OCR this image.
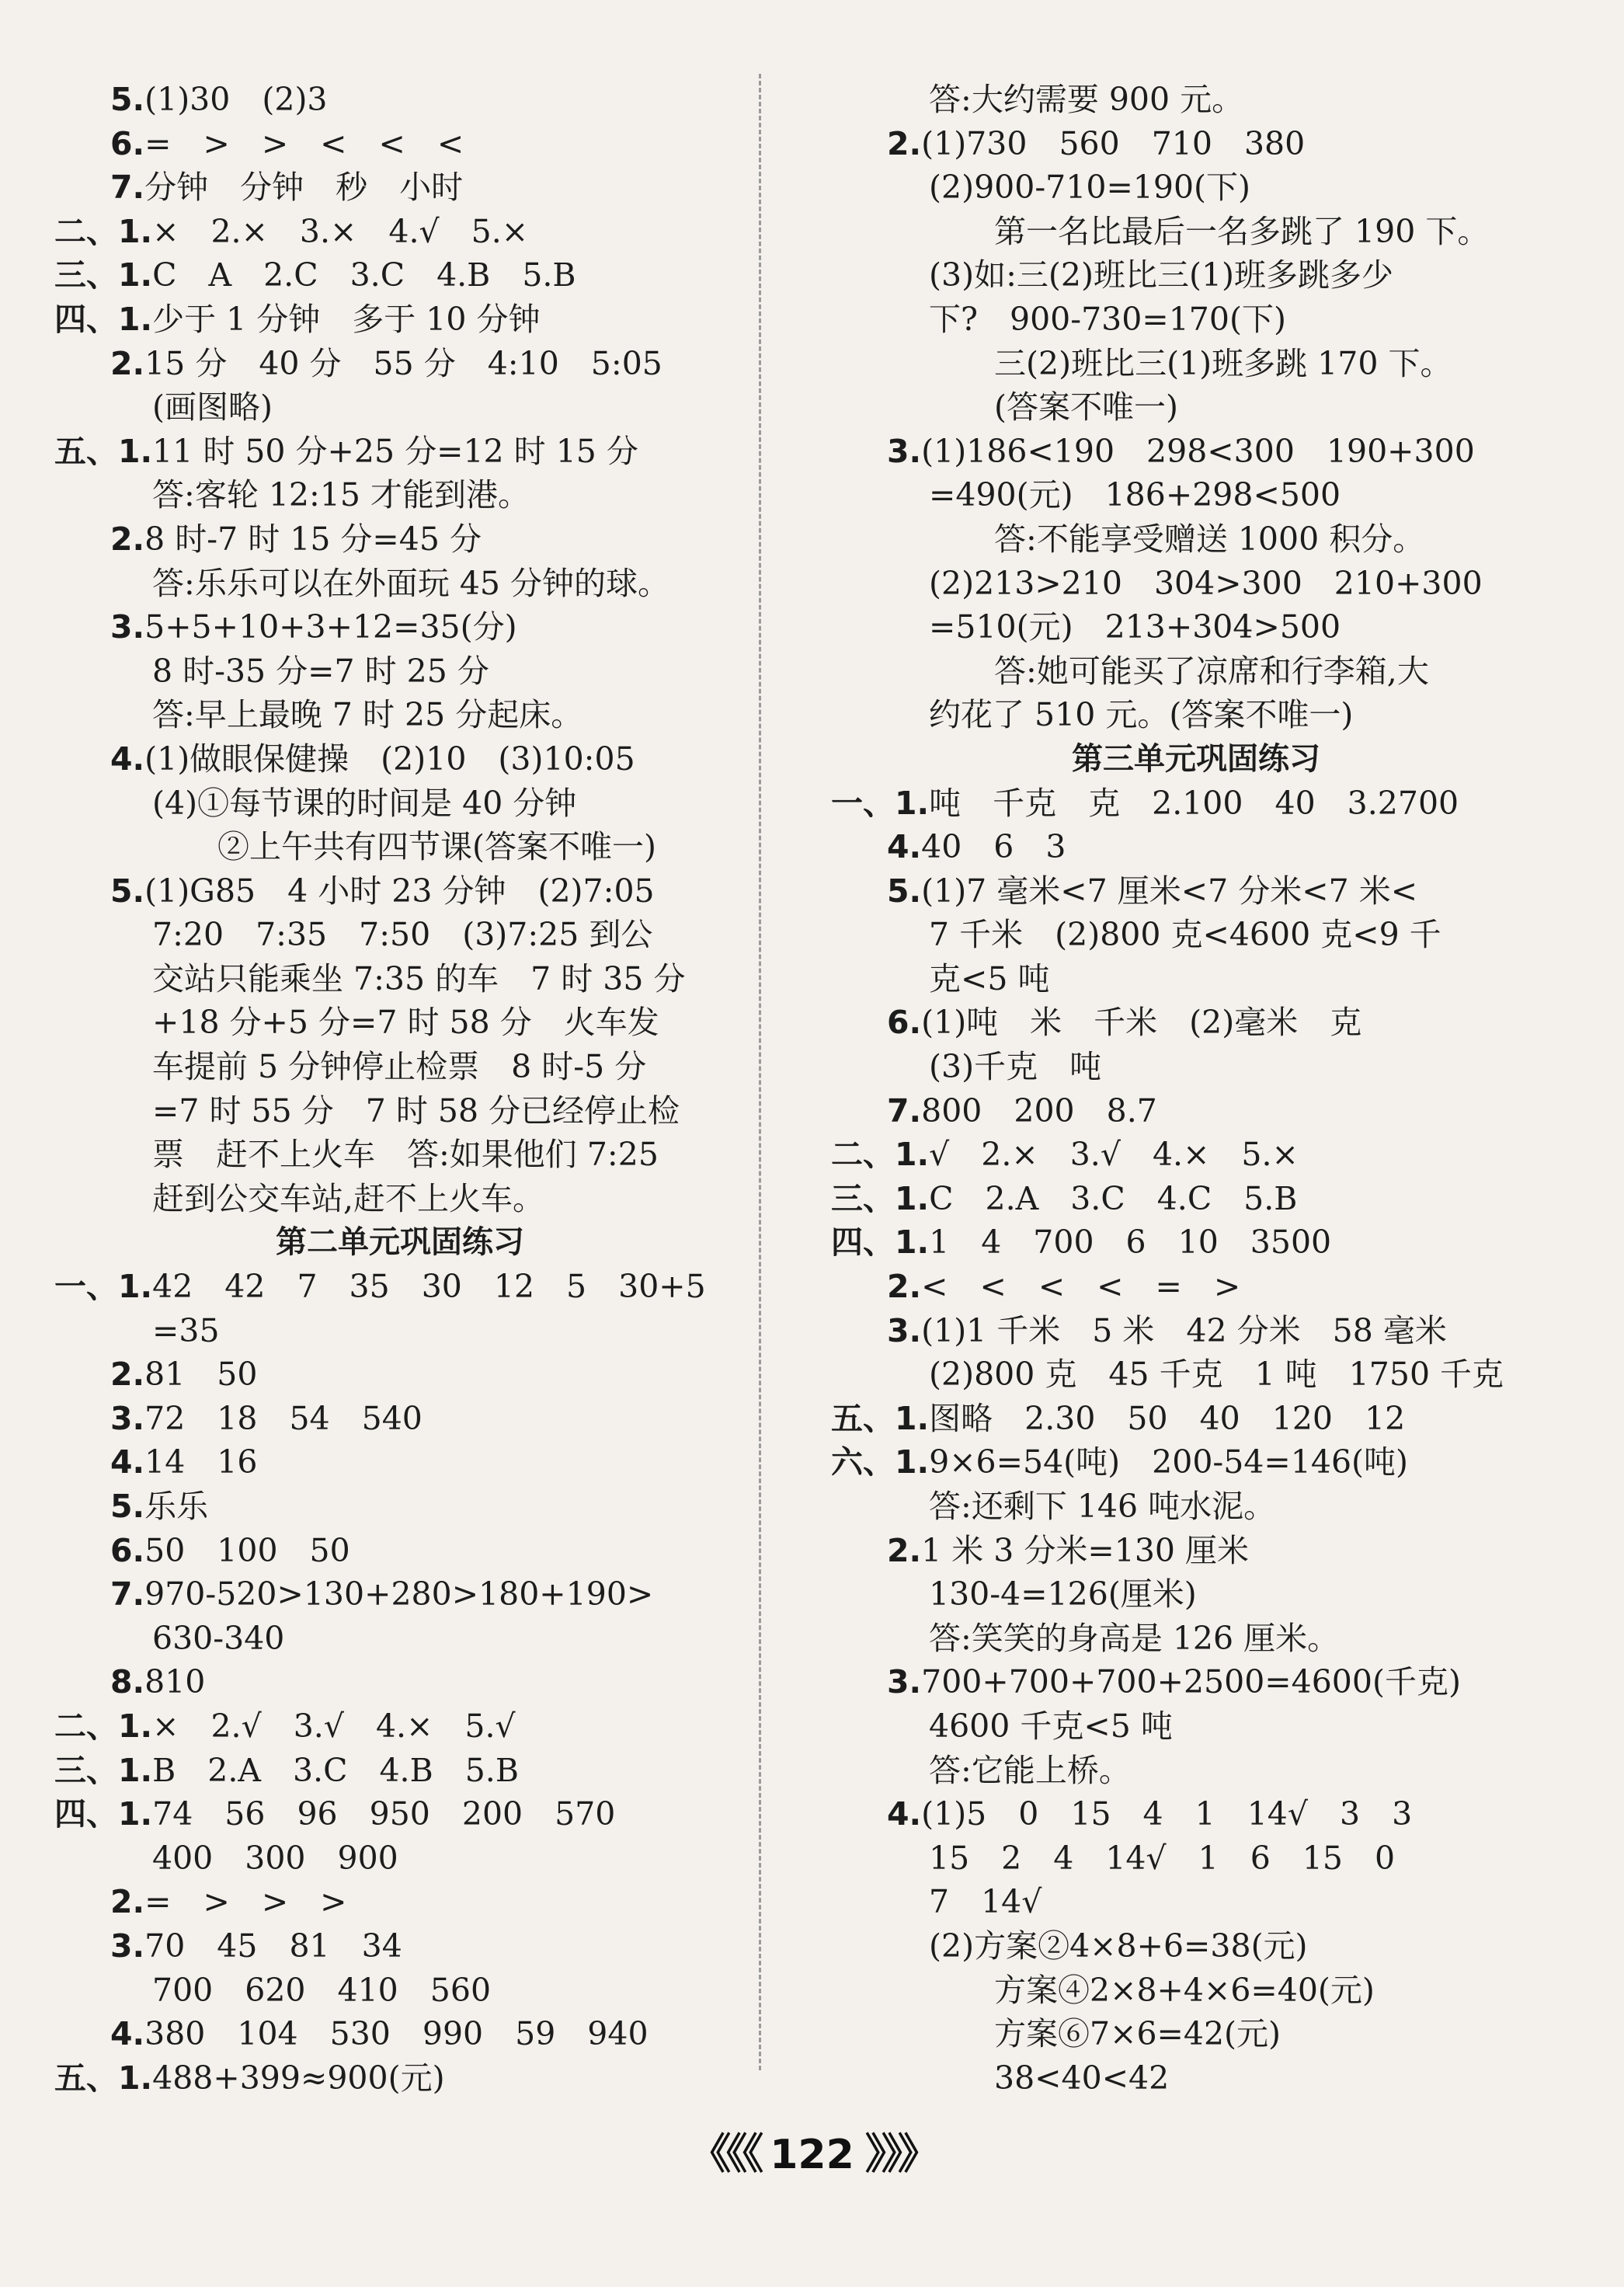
5.(1)30　(2)3
6.=　>　>　<　<　<
7.分钟　分钟　秒　小时
二、1.×　2.×　3.×　4.√　5.×
三、1.C　A　2.C　3.C　4.B　5.B
四、1.少于 1 分钟　多于 10 分钟
2.15 分　40 分　55 分　4:10　5:05
(画图略)
五、1.11 时 50 分+25 分=12 时 15 分
答:客轮 12:15 才能到港。
2.8 时-7 时 15 分=45 分
答:乐乐可以在外面玩 45 分钟的球。
3.5+5+10+3+12=35(分)
8 时-35 分=7 时 25 分
答:早上最晚 7 时 25 分起床。
4.(1)做眼保健操　(2)10　(3)10:05
(4)①每节课的时间是 40 分钟
②上午共有四节课(答案不唯一)
5.(1)G85　4 小时 23 分钟　(2)7:05
7:20　7:35　7:50　(3)7:25 到公
交站只能乘坐 7:35 的车　7 时 35 分
+18 分+5 分=7 时 58 分　火车发
车提前 5 分钟停止检票　8 时-5 分
=7 时 55 分　7 时 58 分已经停止检
票　赶不上火车　答:如果他们 7:25
赶到公交车站,赶不上火车。
第二单元巩固练习
一、1.42　42　7　35　30　12　5　30+5
=35
2.81　50
3.72　18　54　540
4.14　16
5.乐乐
6.50　100　50
7.970-520>130+280>180+190>
630-340
8.810
二、1.×　2.√　3.√　4.×　5.√
三、1.B　2.A　3.C　4.B　5.B
四、1.74　56　96　950　200　570
400　300　900
2.=　>　>　>
3.70　45　81　34
700　620　410　560
4.380　104　530　990　59　940
五、1.488+399≈900(元)
答:大约需要 900 元。
2.(1)730　560　710　380
(2)900-710=190(下)
第一名比最后一名多跳了 190 下。
(3)如:三(2)班比三(1)班多跳多少
下?　900-730=170(下)
三(2)班比三(1)班多跳 170 下。
(答案不唯一)
3.(1)186<190　298<300　190+300
=490(元)　186+298<500
答:不能享受赠送 1000 积分。
(2)213>210　304>300　210+300
=510(元)　213+304>500
答:她可能买了凉席和行李箱,大
约花了 510 元。(答案不唯一)
第三单元巩固练习
一、1.吨　千克　克　2.100　40　3.2700
4.40　6　3
5.(1)7 毫米<7 厘米<7 分米<7 米<
7 千米　(2)800 克<4600 克<9 千
克<5 吨
6.(1)吨　米　千米　(2)毫米　克
(3)千克　吨
7.800　200　8.7
二、1.√　2.×　3.√　4.×　5.×
三、1.C　2.A　3.C　4.C　5.B
四、1.1　4　700　6　10　3500
2.<　<　<　<　=　>
3.(1)1 千米　5 米　42 分米　58 毫米
(2)800 克　45 千克　1 吨　1750 千克
五、1.图略　2.30　50　40　120　12
六、1.9×6=54(吨)　200-54=146(吨)
答:还剩下 146 吨水泥。
2.1 米 3 分米=130 厘米
130-4=126(厘米)
答:笑笑的身高是 126 厘米。
3.700+700+700+2500=4600(千克)
4600 千克<5 吨
答:它能上桥。
4.(1)5　0　15　4　1　14√　3　3
15　2　4　14√　1　6　15　0
7　14√
(2)方案②4×8+6=38(元)
方案④2×8+4×6=40(元)
方案⑥7×6=42(元)
38<40<42
《《《 122 》》》
